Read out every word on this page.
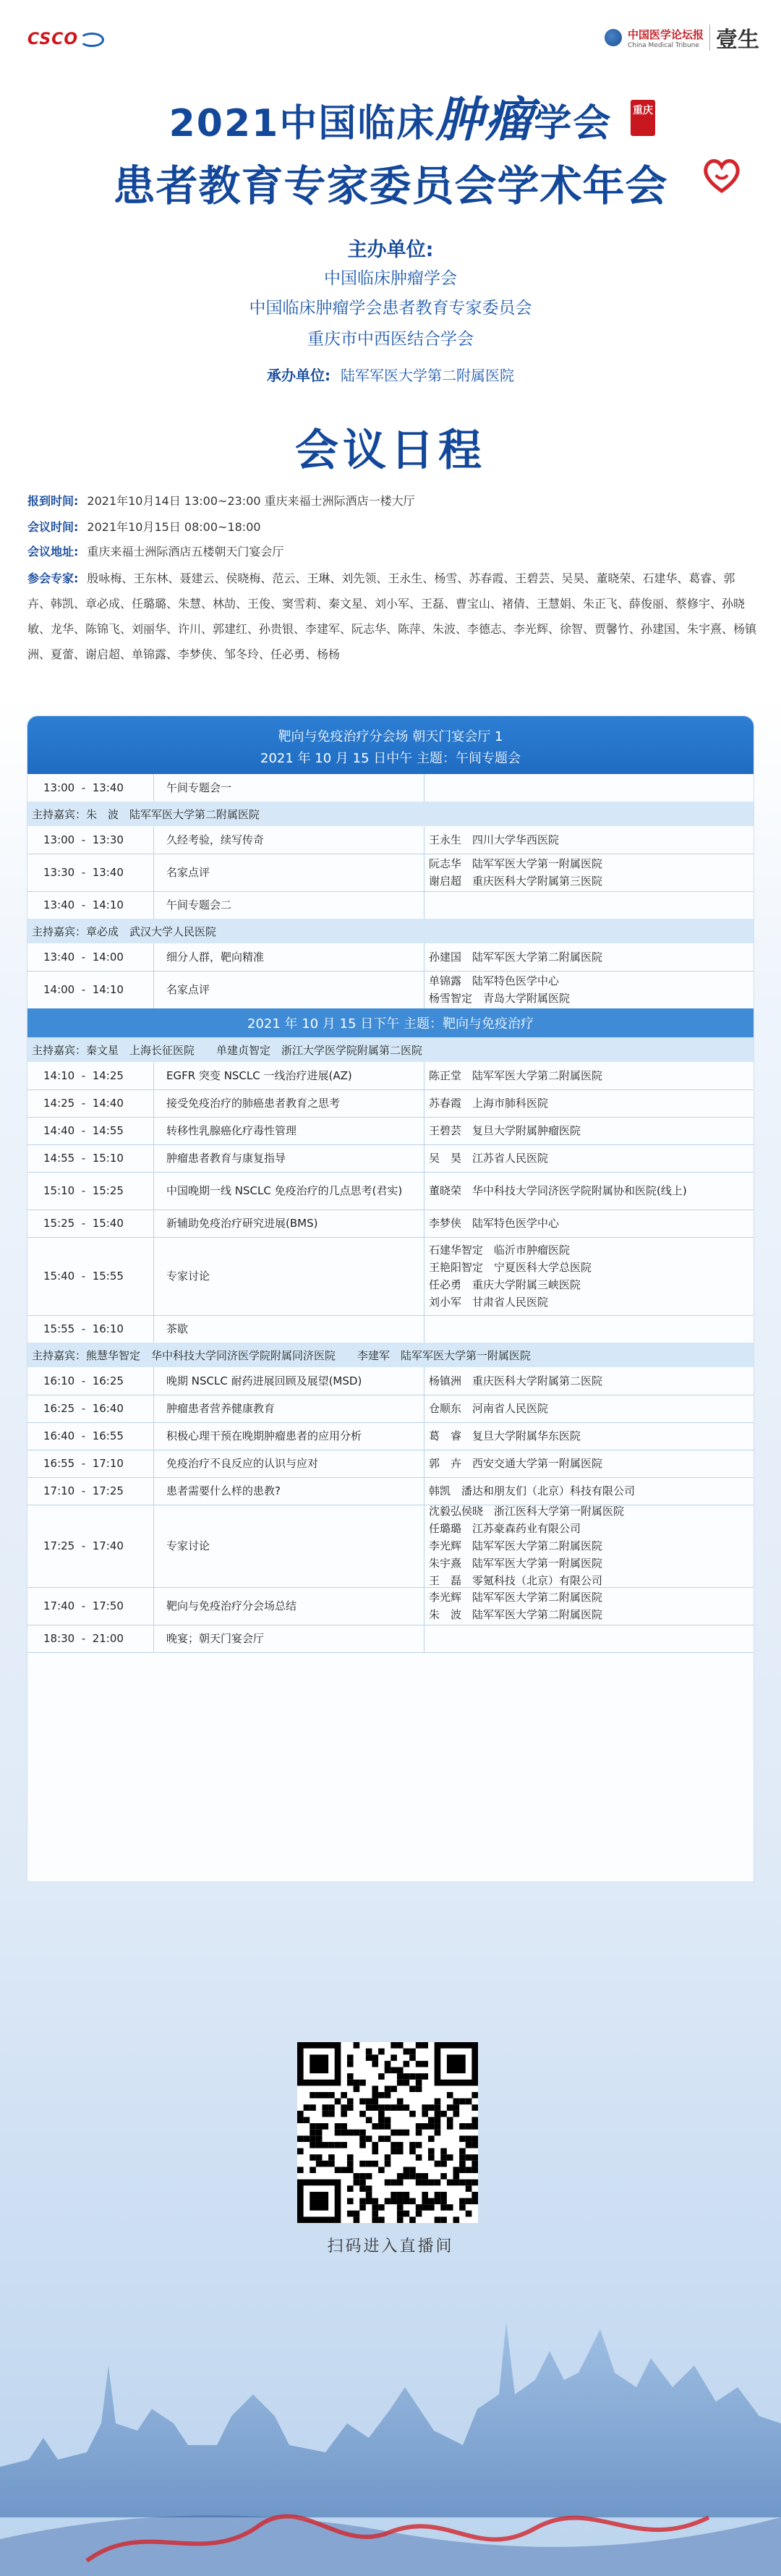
CSCO	中国医学论坛报
China Medical Tribune 壹生
2021中国临床肿瘤学会	重庆
患者教育专家委员会学术年会
主办单位:
中国临床肿瘤学会
中国临床肿瘤学会患者教育专家委员会
重庆市中西医结合学会
承办单位: 陆军军医大学第二附属医院
会议日程
报到时间: 2021年10月14日 13:00~23:00 重庆来福士洲际酒店一楼大厅
会议时间: 2021年10月15日 08:00~18:00
会议地址: 重庆来福士洲际酒店五楼朝天门宴会厅
参会专家: 殷咏梅、王东林、聂建云、侯晓梅、范云、王琳、刘先领、王永生、杨雪、苏春霞、王碧芸、吴昊、董晓荣、石建华、葛睿、郭卉、韩凯、章必成、任璐璐、朱慧、林劼、王俊、窦雪莉、秦文星、刘小军、王磊、曹宝山、褚倩、王慧娟、朱正飞、薛俊丽、蔡修宇、孙晓敏、龙华、陈锦飞、刘丽华、许川、郭建红、孙贵银、李建军、阮志华、陈萍、朱波、李德志、李光辉、徐智、贾馨竹、孙建国、朱宇熹、杨镇洲、夏蕾、谢启超、单锦露、李梦侠、邹冬玲、任必勇、杨杨
靶向与免疫治疗分会场 朝天门宴会厅 1
2021 年 10 月 15 日中午 主题：午间专题会
13:00  -  13:40	午间专题会一
主持嘉宾：朱　波　陆军军医大学第二附属医院
13:00  -  13:30	久经考验，续写传奇	王永生　四川大学华西医院
13:30  -  13:40	名家点评
阮志华　陆军军医大学第一附属医院
谢启超　重庆医科大学附属第三医院
13:40  -  14:10	午间专题会二
主持嘉宾：章必成　武汉大学人民医院
13:40  -  14:00	细分人群，靶向精准	孙建国　陆军军医大学第二附属医院
14:00  -  14:10	名家点评
单锦露　陆军特色医学中心
杨雪智定　青岛大学附属医院
2021 年 10 月 15 日下午 主题：靶向与免疫治疗
主持嘉宾：秦文星　上海长征医院　　单建贞智定　浙江大学医学院附属第二医院
14:10  -  14:25	EGFR 突变 NSCLC 一线治疗进展(AZ)	陈正堂　陆军军医大学第二附属医院
14:25  -  14:40	接受免疫治疗的肺癌患者教育之思考	苏春霞　上海市肺科医院
14:40  -  14:55	转移性乳腺癌化疗毒性管理	王碧芸　复旦大学附属肿瘤医院
14:55  -  15:10	肿瘤患者教育与康复指导	吴　昊　江苏省人民医院
15:10  -  15:25	中国晚期一线 NSCLC 免疫治疗的几点思考(君实)	董晓荣　华中科技大学同济医学院附属协和医院(线上)
15:25  -  15:40	新辅助免疫治疗研究进展(BMS)	李梦侠　陆军特色医学中心
15:40  -  15:55	专家讨论
石建华智定　临沂市肿瘤医院
王艳阳智定　宁夏医科大学总医院
任必勇　重庆大学附属三峡医院
刘小军　甘肃省人民医院
15:55  -  16:10	茶歇
主持嘉宾：熊慧华智定　华中科技大学同济医学院附属同济医院　　李建军　陆军军医大学第一附属医院
16:10  -  16:25	晚期 NSCLC 耐药进展回顾及展望(MSD)	杨镇洲　重庆医科大学附属第二医院
16:25  -  16:40	肿瘤患者营养健康教育	仓顺东　河南省人民医院
16:40  -  16:55	积极心理干预在晚期肿瘤患者的应用分析	葛　睿　复旦大学附属华东医院
16:55  -  17:10	免疫治疗不良反应的认识与应对	郭　卉　西安交通大学第一附属医院
17:10  -  17:25	患者需要什么样的患教?	韩凯　潘达和朋友们（北京）科技有限公司
17:25  -  17:40	专家讨论
沈毅弘侯晓　浙江医科大学第一附属医院
任璐璐　江苏豪森药业有限公司
李光辉　陆军军医大学第二附属医院
朱宇熹　陆军军医大学第一附属医院
王　磊　零氪科技（北京）有限公司
17:40  -  17:50	靶向与免疫治疗分会场总结
李光辉　陆军军医大学第二附属医院
朱　波　陆军军医大学第二附属医院
18:30  -  21:00	晚宴；朝天门宴会厅
扫码进入直播间
